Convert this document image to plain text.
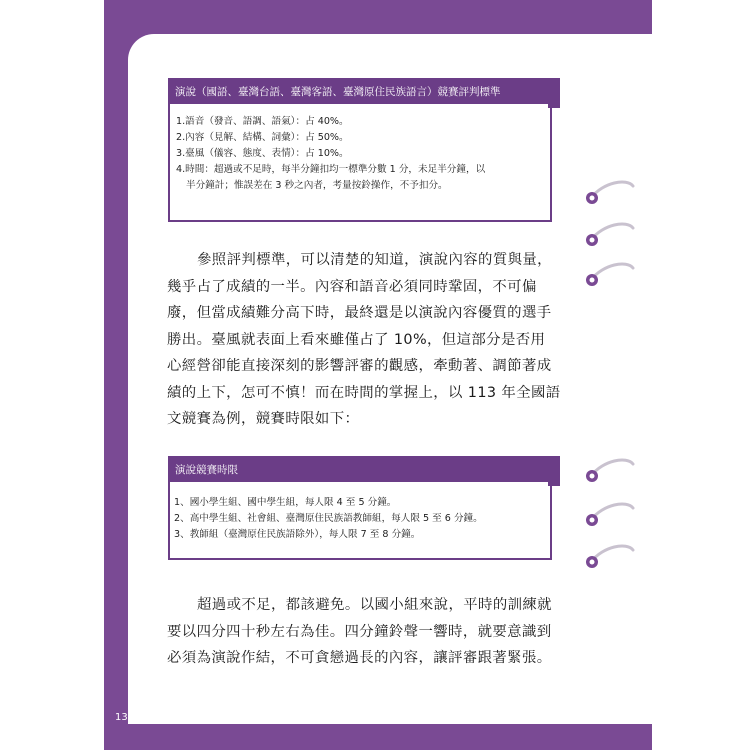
演說（國語、臺灣台語、臺灣客語、臺灣原住民族語言）競賽評判標準
1.語音（發音、語調、語氣）：占 40%。
2.內容（見解、結構、詞彙）：占 50%。
3.臺風（儀容、態度、表情）：占 10%。
4.時間：超過或不足時，每半分鐘扣均一標準分數 1 分，未足半分鐘，以
半分鐘計；惟誤差在 3 秒之內者，考量按鈴操作，不予扣分。
參照評判標準，可以清楚的知道，演說內容的質與量，
幾乎占了成績的一半。內容和語音必須同時鞏固，不可偏
廢，但當成績難分高下時，最終還是以演說內容優質的選手
勝出。臺風就表面上看來雖僅占了 10%，但這部分是否用
心經營卻能直接深刻的影響評審的觀感，牽動著、調節著成
績的上下，怎可不慎！而在時間的掌握上，以 113 年全國語
文競賽為例，競賽時限如下：
演說競賽時限
1、國小學生組、國中學生組，每人限 4 至 5 分鐘。
2、高中學生組、社會組、臺灣原住民族語教師組，每人限 5 至 6 分鐘。
3、教師組（臺灣原住民族語除外），每人限 7 至 8 分鐘。
超過或不足，都該避免。以國小組來說，平時的訓練就
要以四分四十秒左右為佳。四分鐘鈴聲一響時，就要意識到
必須為演說作結，不可貪戀過長的內容，讓評審跟著緊張。
138
